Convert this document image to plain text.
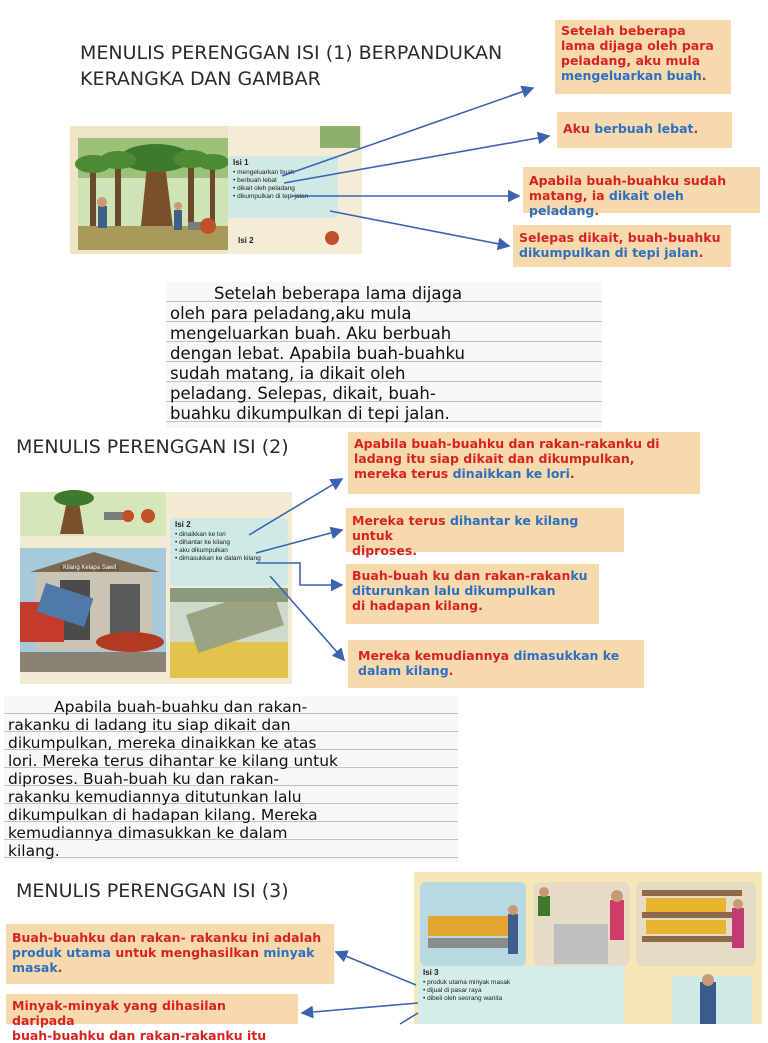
MENULIS PERENGGAN ISI (1) BERPANDUKAN
KERANGKA DAN GAMBAR
Isi 1
• mengeluarkan buah
• berbuah lebat
• dikait oleh peladang
• dikumpulkan di tepi jalan
Isi 2
Setelah beberapa
lama dijaga oleh para
peladang, aku mula
mengeluarkan buah.
Aku berbuah lebat.
Apabila buah-buahku sudah
matang, ia dikait oleh peladang.
Selepas dikait, buah-buahku
dikumpulkan di tepi jalan.
Setelah beberapa lama dijaga
oleh para peladang,aku mula
mengeluarkan buah. Aku berbuah
dengan lebat. Apabila buah-buahku
sudah matang, ia dikait oleh
peladang. Selepas, dikait, buah-
buahku dikumpulkan di tepi jalan.
MENULIS PERENGGAN ISI (2)
Kilang Kelapa Sawit
Isi 2
• dinaikkan ke lori
• dihantar ke kilang
• aku dikumpulkan
• dimasukkan ke dalam kilang
Apabila buah-buahku dan rakan-rakanku di
ladang itu siap dikait dan dikumpulkan,
mereka terus dinaikkan ke lori.
Mereka terus dihantar ke kilang untuk
diproses.
Buah-buah ku dan rakan-rakanku
diturunkan lalu dikumpulkan
di hadapan kilang.
Mereka kemudiannya dimasukkan ke
dalam kilang.
Apabila buah-buahku dan rakan-
rakanku di ladang itu siap dikait dan
dikumpulkan, mereka dinaikkan ke atas
lori. Mereka terus dihantar ke kilang untuk
diproses. Buah-buah ku dan rakan-
rakanku kemudiannya ditutunkan lalu
dikumpulkan di hadapan kilang. Mereka
kemudiannya dimasukkan ke dalam
kilang.
MENULIS PERENGGAN ISI (3)
Isi 3
• produk utama minyak masak
• dijual di pasar raya
• dibeli oleh seorang wanita
Buah-buahku dan rakan- rakanku ini adalah
produk utama untuk menghasilkan minyak
masak.
Minyak-minyak yang dihasilan daripada
buah-buahku dan rakan-rakanku itu
